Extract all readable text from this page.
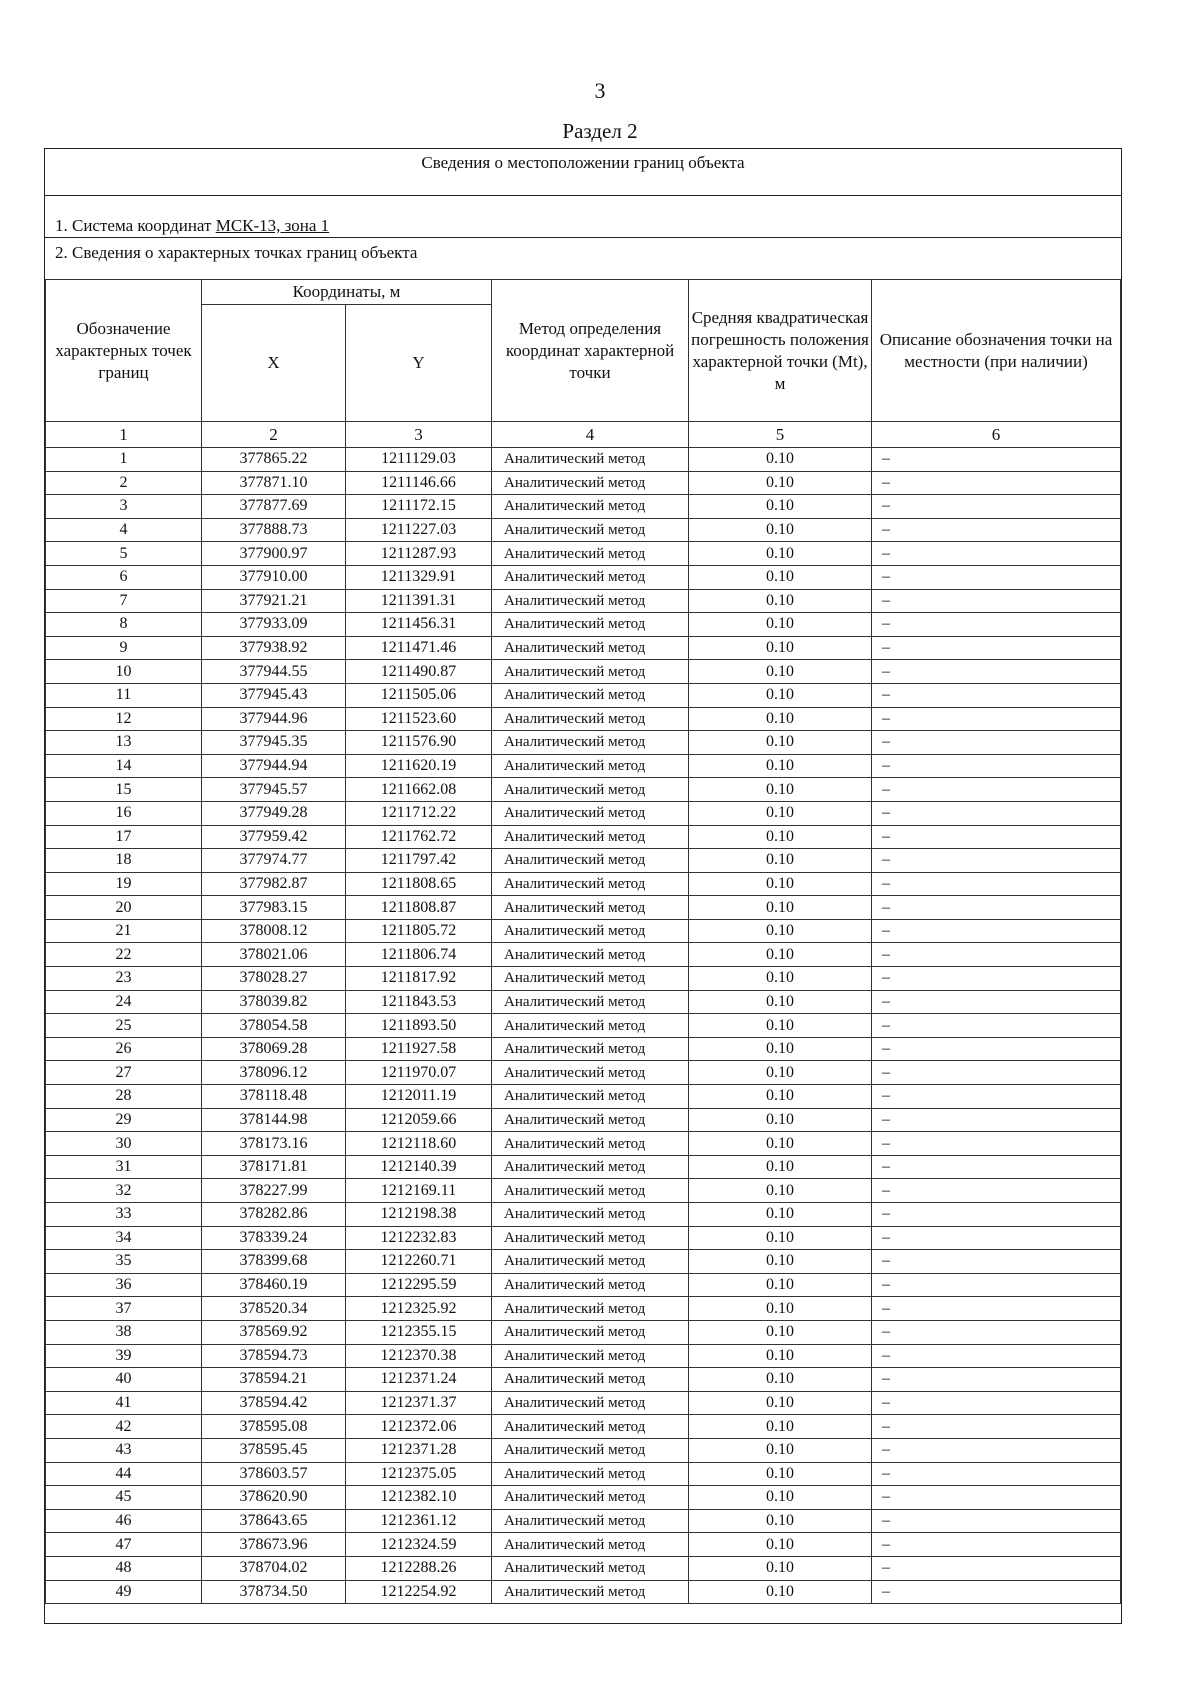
3
Раздел 2
Сведения о местоположении границ объекта
1. Система координат МСК-13, зона 1
2. Сведения о характерных точках границ объекта
Обозначение характерных точек границ	Координаты, м		Метод определения координат характерной точки	Средняя квадратическая погрешность положения характерной точки (Mt), м	Описание обозначения точки на местности (при наличии)
	X	Y			
1	2	3	4	5	6
1	377865.22	1211129.03	Аналитический метод	0.10	–
2	377871.10	1211146.66	Аналитический метод	0.10	–
3	377877.69	1211172.15	Аналитический метод	0.10	–
4	377888.73	1211227.03	Аналитический метод	0.10	–
5	377900.97	1211287.93	Аналитический метод	0.10	–
6	377910.00	1211329.91	Аналитический метод	0.10	–
7	377921.21	1211391.31	Аналитический метод	0.10	–
8	377933.09	1211456.31	Аналитический метод	0.10	–
9	377938.92	1211471.46	Аналитический метод	0.10	–
10	377944.55	1211490.87	Аналитический метод	0.10	–
11	377945.43	1211505.06	Аналитический метод	0.10	–
12	377944.96	1211523.60	Аналитический метод	0.10	–
13	377945.35	1211576.90	Аналитический метод	0.10	–
14	377944.94	1211620.19	Аналитический метод	0.10	–
15	377945.57	1211662.08	Аналитический метод	0.10	–
16	377949.28	1211712.22	Аналитический метод	0.10	–
17	377959.42	1211762.72	Аналитический метод	0.10	–
18	377974.77	1211797.42	Аналитический метод	0.10	–
19	377982.87	1211808.65	Аналитический метод	0.10	–
20	377983.15	1211808.87	Аналитический метод	0.10	–
21	378008.12	1211805.72	Аналитический метод	0.10	–
22	378021.06	1211806.74	Аналитический метод	0.10	–
23	378028.27	1211817.92	Аналитический метод	0.10	–
24	378039.82	1211843.53	Аналитический метод	0.10	–
25	378054.58	1211893.50	Аналитический метод	0.10	–
26	378069.28	1211927.58	Аналитический метод	0.10	–
27	378096.12	1211970.07	Аналитический метод	0.10	–
28	378118.48	1212011.19	Аналитический метод	0.10	–
29	378144.98	1212059.66	Аналитический метод	0.10	–
30	378173.16	1212118.60	Аналитический метод	0.10	–
31	378171.81	1212140.39	Аналитический метод	0.10	–
32	378227.99	1212169.11	Аналитический метод	0.10	–
33	378282.86	1212198.38	Аналитический метод	0.10	–
34	378339.24	1212232.83	Аналитический метод	0.10	–
35	378399.68	1212260.71	Аналитический метод	0.10	–
36	378460.19	1212295.59	Аналитический метод	0.10	–
37	378520.34	1212325.92	Аналитический метод	0.10	–
38	378569.92	1212355.15	Аналитический метод	0.10	–
39	378594.73	1212370.38	Аналитический метод	0.10	–
40	378594.21	1212371.24	Аналитический метод	0.10	–
41	378594.42	1212371.37	Аналитический метод	0.10	–
42	378595.08	1212372.06	Аналитический метод	0.10	–
43	378595.45	1212371.28	Аналитический метод	0.10	–
44	378603.57	1212375.05	Аналитический метод	0.10	–
45	378620.90	1212382.10	Аналитический метод	0.10	–
46	378643.65	1212361.12	Аналитический метод	0.10	–
47	378673.96	1212324.59	Аналитический метод	0.10	–
48	378704.02	1212288.26	Аналитический метод	0.10	–
49	378734.50	1212254.92	Аналитический метод	0.10	–
